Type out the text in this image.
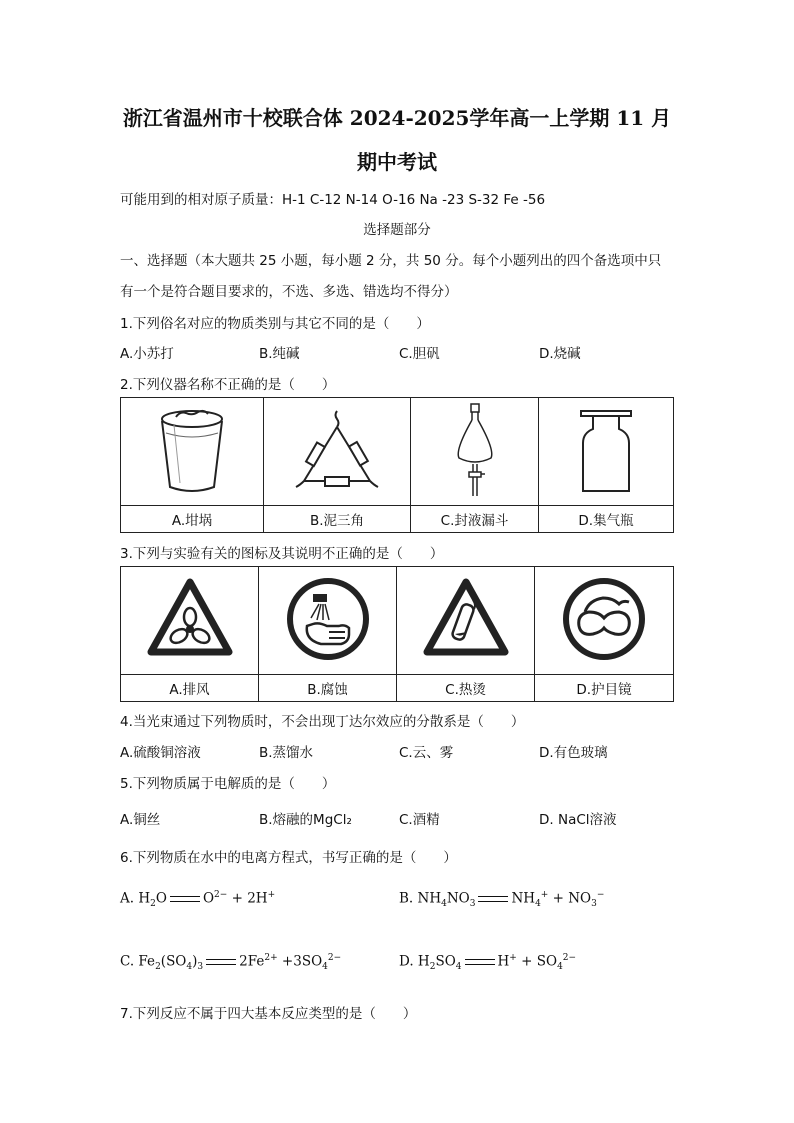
浙江省温州市十校联合体 2024-2025学年高一上学期 11 月
期中考试
可能用到的相对原子质量：H-1 C-12 N-14 O-16 Na -23 S-32 Fe -56
选择题部分
一、选择题（本大题共 25 小题，每小题 2 分，共 50 分。每个小题列出的四个备选项中只
有一个是符合题目要求的，不选、多选、错选均不得分）
1.下列俗名对应的物质类别与其它不同的是（　　）
A.小苏打	B.纯碱	C.胆矾	D.烧碱
2.下列仪器名称不正确的是（　　）

A.坩埚	B.泥三角	C.封液漏斗	D.集气瓶
3.下列与实验有关的图标及其说明不正确的是（　　）

A.排风	B.腐蚀	C.热烫	D.护目镜
4.当光束通过下列物质时，不会出现丁达尔效应的分散系是（　　）
A.硫酸铜溶液	B.蒸馏水	C.云、雾	D.有色玻璃
5.下列物质属于电解质的是（　　）
A.铜丝	B.熔融的MgCl₂	C.酒精	D. NaCl溶液
6.下列物质在水中的电离方程式，书写正确的是（　　）
A. $H_2O$	$O^{2-} + 2H^+$	B. $NH_4NO_3$	$NH_4^+ + NO_3^-$
C. $Fe_2(SO_4)_3$	$2Fe^{2+} +3SO_4^{2-}$	D. $H_2SO_4$	$H^+ + SO_4^{2-}$
7.下列反应不属于四大基本反应类型的是（　　）
